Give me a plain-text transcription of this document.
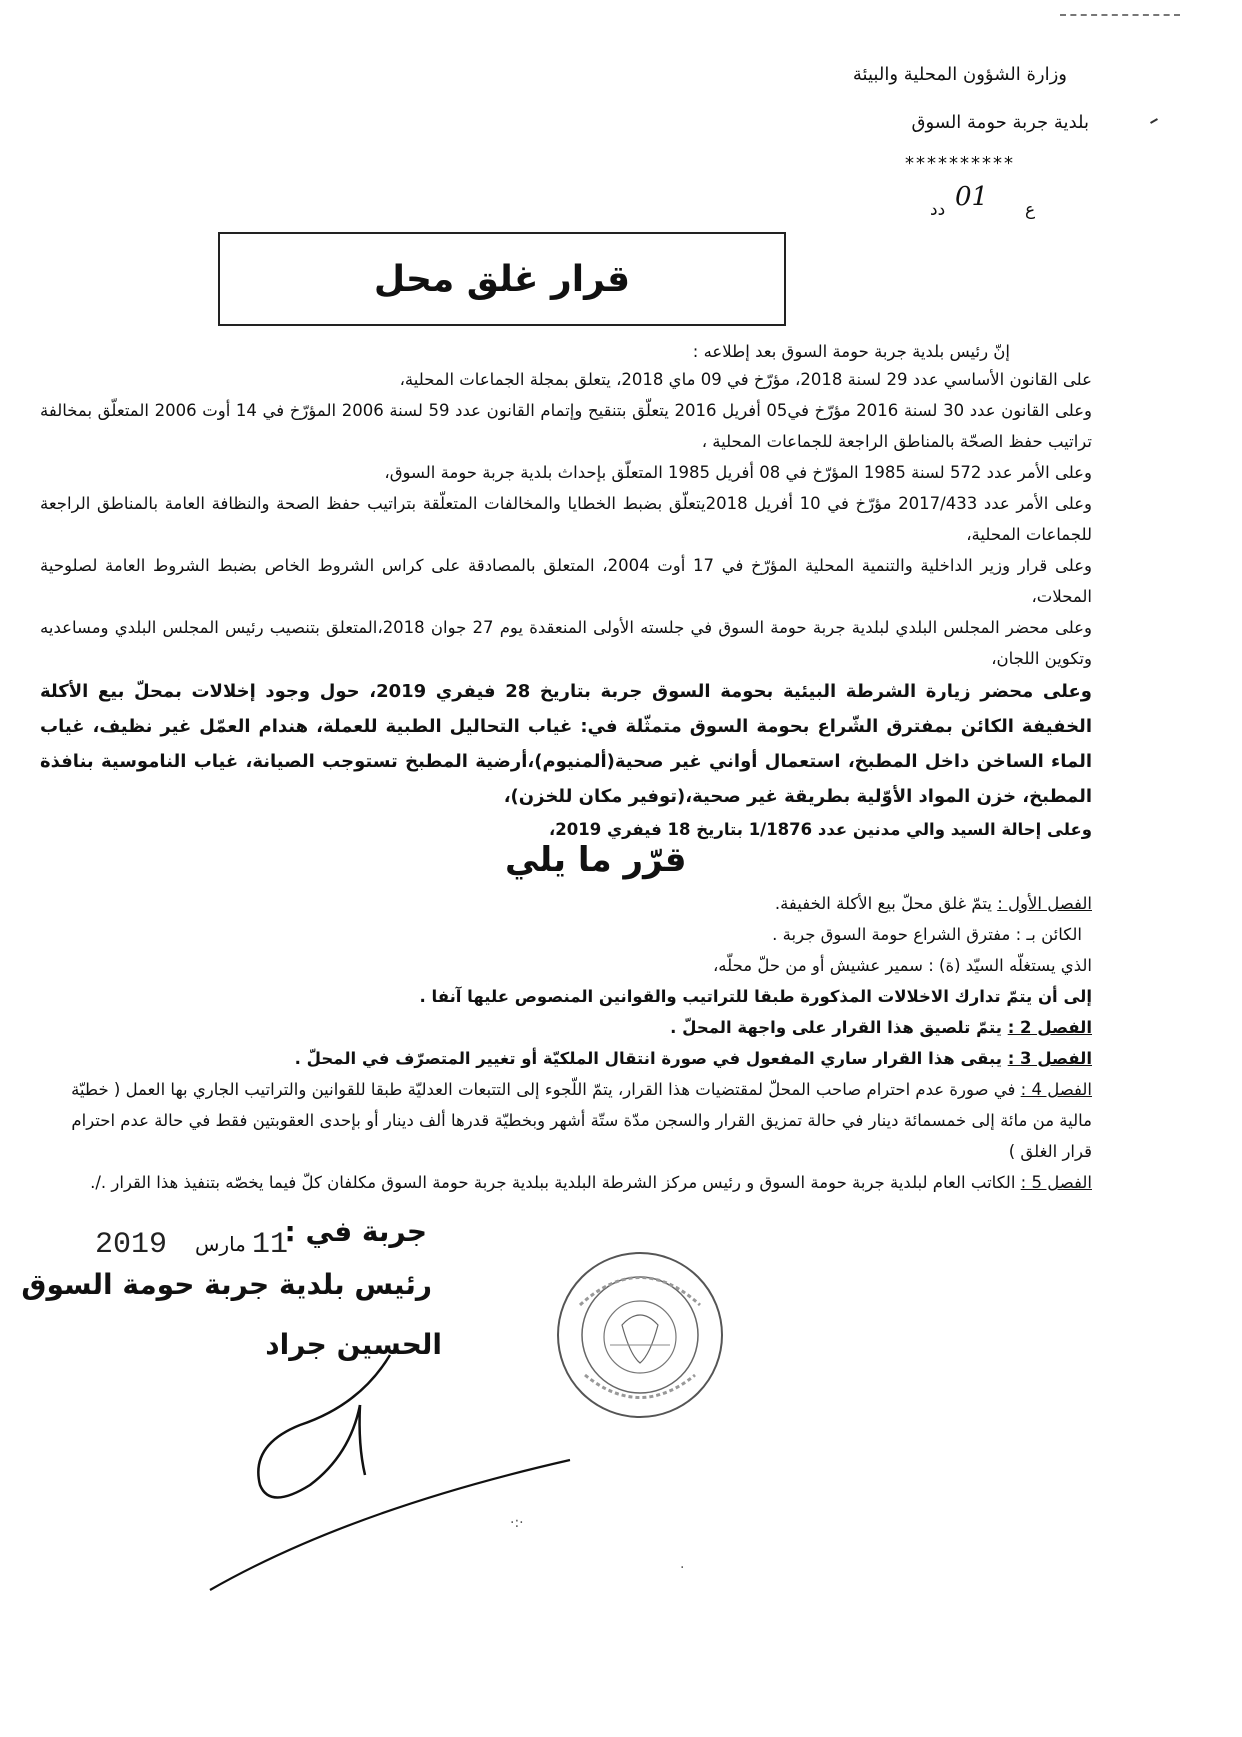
وزارة الشؤون المحلية والبيئة
بلدية جربة حومة السوق
**********
ع
01
دد
قرار غلق محل
إنّ رئيس بلدية جربة حومة السوق بعد إطلاعه :
على القانون الأساسي عدد 29 لسنة 2018، مؤرّخ في 09 ماي 2018، يتعلق بمجلة الجماعات المحلية،
وعلى القانون عدد 30 لسنة 2016 مؤرّخ في05 أفريل 2016 يتعلّق بتنقيح وإتمام القانون عدد 59 لسنة 2006 المؤرّخ في 14 أوت 2006 المتعلّق بمخالفة تراتيب حفظ الصحّة بالمناطق الراجعة للجماعات المحلية ،
وعلى الأمر عدد 572 لسنة 1985 المؤرّخ في 08 أفريل 1985 المتعلّق بإحداث بلدية جربة حومة السوق،
وعلى الأمر عدد 2017/433 مؤرّخ في 10 أفريل 2018يتعلّق بضبط الخطايا والمخالفات المتعلّقة بتراتيب حفظ الصحة والنظافة العامة بالمناطق الراجعة للجماعات المحلية،
وعلى قرار وزير الداخلية والتنمية المحلية المؤرّخ في 17 أوت 2004، المتعلق بالمصادقة على كراس الشروط الخاص بضبط الشروط العامة لصلوحية المحلات،
وعلى محضر المجلس البلدي لبلدية جربة حومة السوق في جلسته الأولى المنعقدة يوم 27 جوان 2018،المتعلق بتنصيب رئيس المجلس البلدي ومساعديه وتكوين اللجان،
وعلى محضر زيارة الشرطة البيئية بحومة السوق جربة بتاريخ 28 فيفري 2019، حول وجود إخلالات بمحلّ بيع الأكلة الخفيفة الكائن بمفترق الشّراع بحومة السوق متمثّلة في: غياب التحاليل الطبية للعملة، هندام العمّل غير نظيف، غياب الماء الساخن داخل المطبخ، استعمال أواني غير صحية(ألمنيوم)،أرضية المطبخ تستوجب الصيانة، غياب الناموسية بنافذة المطبخ، خزن المواد الأوّلية بطريقة غير صحية،(توفير مكان للخزن)،
وعلى إحالة السيد والي مدنين عدد 1/1876 بتاريخ 18 فيفري 2019،
قرّر ما يلي
الفصل الأول : يتمّ غلق محلّ بيع الأكلة الخفيفة.
الكائن بـ : مفترق الشراع حومة السوق جربة .
الذي يستغلّه السيّد (ة) : سمير عشيش أو من حلّ محلّه،
إلى أن يتمّ تدارك الاخلالات المذكورة طبقا للتراتيب والقوانين المنصوص عليها آنفا .
الفصل 2 : يتمّ تلصيق هذا القرار على واجهة المحلّ .
الفصل 3 : يبقى هذا القرار ساري المفعول في صورة انتقال الملكيّة أو تغيير المتصرّف في المحلّ .
الفصل 4 : في صورة عدم احترام صاحب المحلّ لمقتضيات هذا القرار، يتمّ اللّجوء إلى التتبعات العدليّة طبقا للقوانين والتراتيب الجاري بها العمل ( خطيّة مالية من مائة إلى خمسمائة دينار في حالة تمزيق القرار والسجن مدّة ستّة أشهر وبخطيّة قدرها ألف دينار أو بإحدى العقوبتين فقط في حالة عدم احترام قرار الغلق )
الفصل 5 : الكاتب العام لبلدية جربة حومة السوق و رئيس مركز الشرطة البلدية ببلدية جربة حومة السوق مكلفان كلّ فيما يخصّه بتنفيذ هذا القرار ./.
جربة في :
2019 مارس 11
رئيس بلدية جربة حومة السوق
الحسين جراد
·:·
·
